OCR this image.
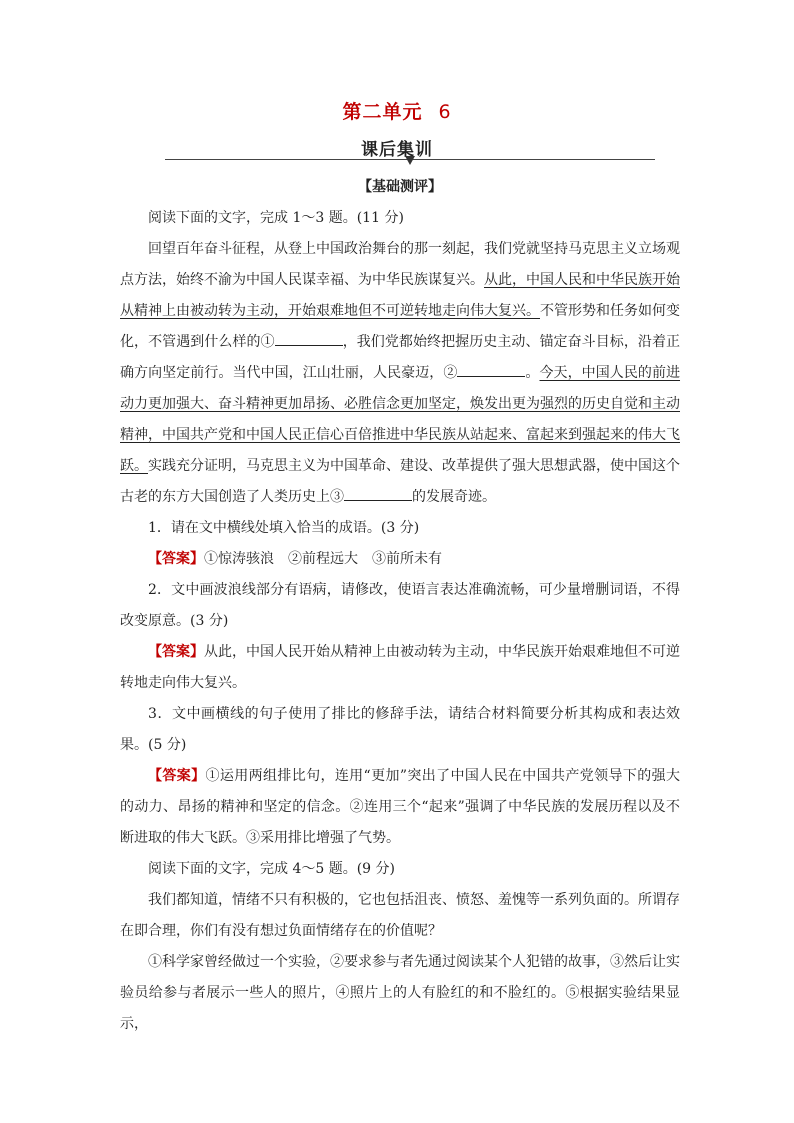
第二单元 6
课后集训

【基础测评】

阅读下面的文字，完成 1～3 题。(11 分)

回望百年奋斗征程，从登上中国政治舞台的那一刻起，我们党就坚持马克思主义立场观点方法，始终不渝为中国人民谋幸福、为中华民族谋复兴。从此，中国人民和中华民族开始从精神上由被动转为主动，开始艰难地但不可逆转地走向伟大复兴。不管形势和任务如何变化，不管遇到什么样的①	，我们党都始终把握历史主动、锚定奋斗目标，沿着正确方向坚定前行。当代中国，江山壮丽，人民豪迈，②	。今天，中国人民的前进动力更加强大、奋斗精神更加昂扬、必胜信念更加坚定，焕发出更为强烈的历史自觉和主动精神，中国共产党和中国人民正信心百倍推进中华民族从站起来、富起来到强起来的伟大飞跃。实践充分证明，马克思主义为中国革命、建设、改革提供了强大思想武器，使中国这个古老的东方大国创造了人类历史上③	的发展奇迹。

1．请在文中横线处填入恰当的成语。(3 分)

【答案】①惊涛骇浪　②前程远大　③前所未有

2．文中画波浪线部分有语病，请修改，使语言表达准确流畅，可少量增删词语，不得改变原意。(3 分)

【答案】从此，中国人民开始从精神上由被动转为主动，中华民族开始艰难地但不可逆转地走向伟大复兴。

3．文中画横线的句子使用了排比的修辞手法，请结合材料简要分析其构成和表达效果。(5 分)

【答案】①运用两组排比句，连用“更加”突出了中国人民在中国共产党领导下的强大的动力、昂扬的精神和坚定的信念。②连用三个“起来”强调了中华民族的发展历程以及不断进取的伟大飞跃。③采用排比增强了气势。

阅读下面的文字，完成 4～5 题。(9 分)

我们都知道，情绪不只有积极的，它也包括沮丧、愤怒、羞愧等一系列负面的。所谓存在即合理，你们有没有想过负面情绪存在的价值呢？

①科学家曾经做过一个实验，②要求参与者先通过阅读某个人犯错的故事，③然后让实验员给参与者展示一些人的照片，④照片上的人有脸红的和不脸红的。⑤根据实验结果显示，
